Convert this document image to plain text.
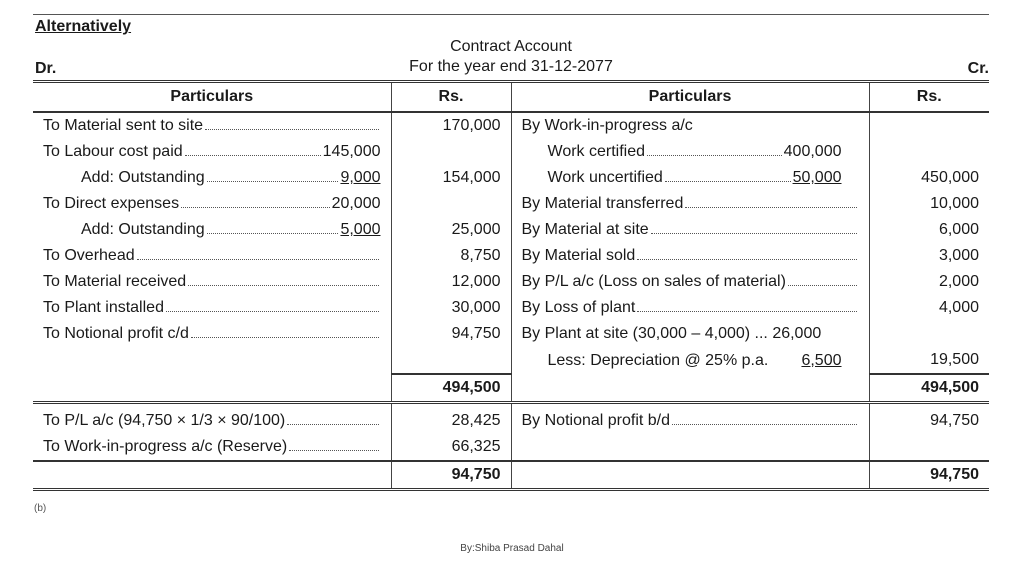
Alternatively
Contract Account
For the year end 31-12-2077
Dr.	Cr.
Particulars	Rs.	Particulars	Rs.

To Material sent to site	170,000	By Work-in-progress a/c	

To Labour cost paid 145,000		Work certified 400,000	

Add: Outstanding 9,000	154,000	Work uncertified 50,000	450,000

To Direct expenses 20,000		By Material transferred	10,000

Add: Outstanding 5,000	25,000	By Material at site	6,000

To Overhead	8,750	By Material sold	3,000

To Material received	12,000	By P/L a/c (Loss on sales of material)	2,000

To Plant installed	30,000	By Loss of plant	4,000

To Notional profit c/d	94,750	By Plant at site (30,000 – 4,000) ... 26,000	

		Less: Depreciation @ 25% p.a. 6,500	19,500
	494,500		494,500

To P/L a/c (94,750 × 1/3 × 90/100)	28,425	By Notional profit b/d	94,750

To Work-in-progress a/c (Reserve)	66,325		
	94,750		94,750
(b)
By:Shiba Prasad Dahal
